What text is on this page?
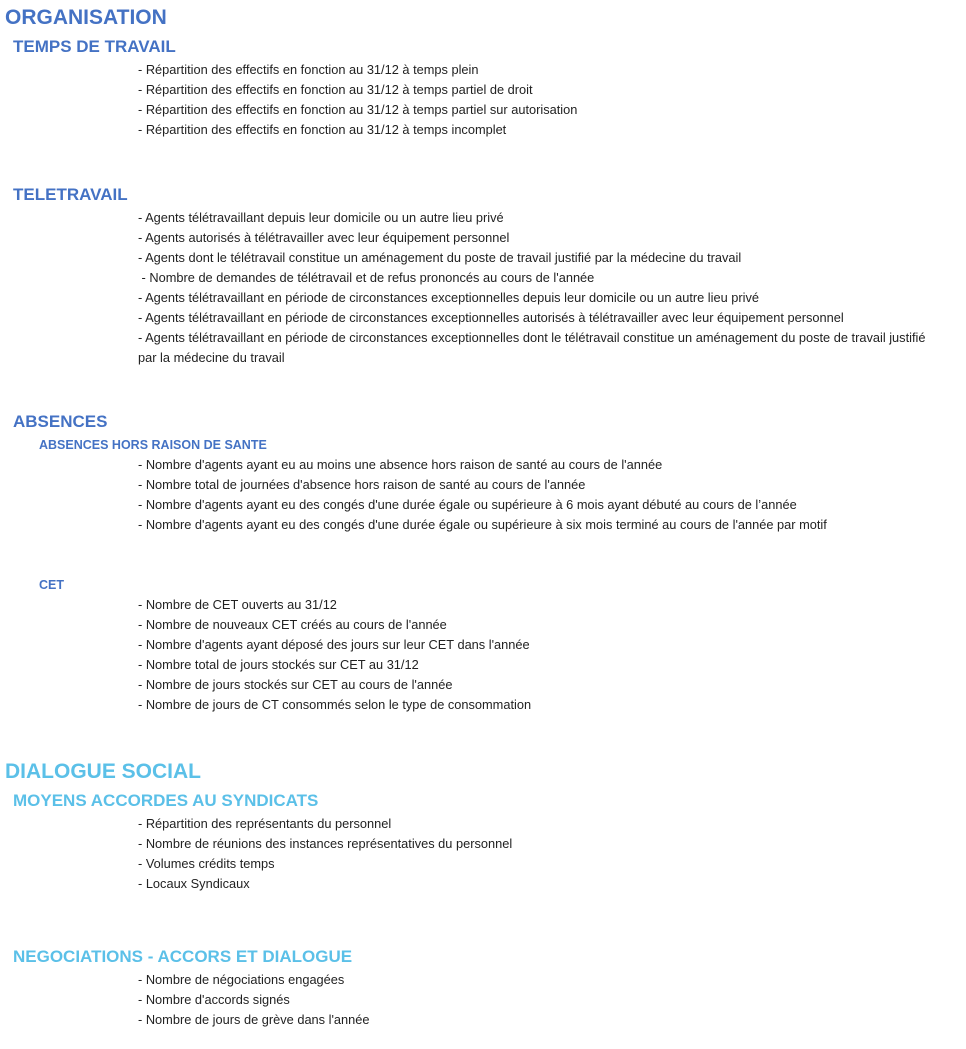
ORGANISATION
TEMPS DE TRAVAIL
- Répartition des effectifs en fonction au 31/12 à temps plein
- Répartition des effectifs en fonction au 31/12 à temps partiel de droit
- Répartition des effectifs en fonction au 31/12 à temps partiel sur autorisation
- Répartition des effectifs en fonction au 31/12 à temps incomplet
TELETRAVAIL
- Agents télétravaillant depuis leur domicile ou un autre lieu privé
- Agents autorisés à télétravailler avec leur équipement personnel
- Agents dont le télétravail constitue un aménagement du poste de travail justifié par la médecine du travail
- Nombre de demandes de télétravail et de refus prononcés au cours de l'année
- Agents télétravaillant en période de circonstances exceptionnelles depuis leur domicile ou un autre lieu privé
- Agents télétravaillant en période de circonstances exceptionnelles autorisés à télétravailler avec leur équipement personnel
- Agents télétravaillant en période de circonstances exceptionnelles dont le télétravail constitue un aménagement du poste de travail justifié par la médecine du travail
ABSENCES
ABSENCES HORS RAISON DE SANTE
- Nombre d'agents ayant eu au moins une absence hors raison de santé au cours de l'année
- Nombre total de journées d'absence hors raison de santé au cours de l'année
- Nombre d'agents ayant eu des congés d'une durée égale ou supérieure à 6 mois ayant débuté au cours de l’année
- Nombre d'agents ayant eu des congés d'une durée égale ou supérieure à six mois terminé au cours de l'année par motif
CET
- Nombre de CET ouverts au 31/12
- Nombre de nouveaux CET créés au cours de l'année
- Nombre d'agents ayant déposé des jours sur leur CET dans l'année
- Nombre total de jours stockés sur CET au 31/12
- Nombre de jours stockés sur CET au cours de l'année
- Nombre de jours de CT consommés selon le type de consommation
DIALOGUE SOCIAL
MOYENS ACCORDES AU SYNDICATS
- Répartition des représentants du personnel
- Nombre de réunions des instances représentatives du personnel
- Volumes crédits temps
- Locaux Syndicaux
NEGOCIATIONS - ACCORS ET DIALOGUE
- Nombre de négociations engagées
- Nombre d'accords signés
- Nombre de jours de grève dans l'année
